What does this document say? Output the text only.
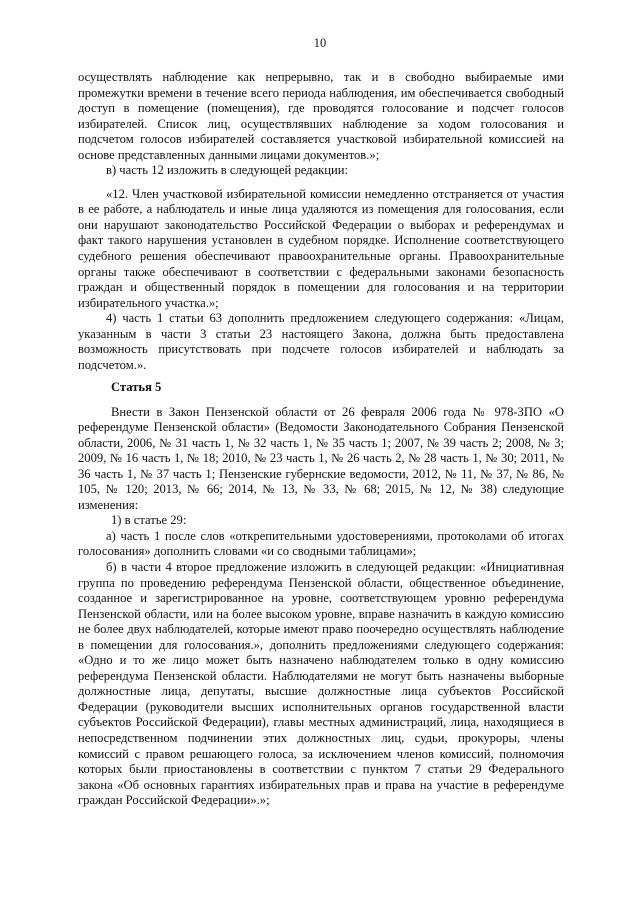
10

осуществлять наблюдение как непрерывно, так и в свободно выбираемые ими промежутки времени в течение всего периода наблюдения, им обеспечивается свободный доступ в помещение (помещения), где проводятся голосование и подсчет голосов избирателей. Список лиц, осуществлявших наблюдение за ходом голосования и подсчетом голосов избирателей составляется участковой избирательной комиссией на основе представленных данными лицами документов.»;

в) часть 12 изложить в следующей редакции:

«12. Член участковой избирательной комиссии немедленно отстраняется от участия в ее работе, а наблюдатель и иные лица удаляются из помещения для голосования, если они нарушают законодательство Российской Федерации о выборах и референдумах и факт такого нарушения установлен в судебном порядке. Исполнение соответствующего судебного решения обеспечивают правоохранительные органы. Правоохранительные органы также обеспечивают в соответствии с федеральными законами безопасность граждан и общественный порядок в помещении для голосования и на территории избирательного участка.»;

4) часть 1 статьи 63 дополнить предложением следующего содержания: «Лицам, указанным в части 3 статьи 23 настоящего Закона, должна быть предоставлена возможность присутствовать при подсчете голосов избирателей и наблюдать за подсчетом.».

Статья 5

Внести в Закон Пензенской области от 26 февраля 2006 года № 978-ЗПО «О референдуме Пензенской области» (Ведомости Законодательного Собрания Пензенской области, 2006, № 31 часть 1, № 32 часть 1, № 35 часть 1; 2007, № 39 часть 2; 2008, № 3; 2009, № 16 часть 1, № 18; 2010, № 23 часть 1, № 26 часть 2, № 28 часть 1, № 30; 2011, № 36 часть 1, № 37 часть 1; Пензенские губернские ведомости, 2012, № 11, № 37, № 86, № 105, № 120; 2013, № 66; 2014, № 13, № 33, № 68; 2015, № 12, № 38) следующие изменения:

1) в статье 29:

а) часть 1 после слов «открепительными удостоверениями, протоколами об итогах голосования» дополнить словами «и со сводными таблицами»;

б) в части 4 второе предложение изложить в следующей редакции: «Инициативная группа по проведению референдума Пензенской области, общественное объединение, созданное и зарегистрированное на уровне, соответствующем уровню референдума Пензенской области, или на более высоком уровне, вправе назначить в каждую комиссию не более двух наблюдателей, которые имеют право поочередно осуществлять наблюдение в помещении для голосования.», дополнить предложениями следующего содержания: «Одно и то же лицо может быть назначено наблюдателем только в одну комиссию референдума Пензенской области. Наблюдателями не могут быть назначены выборные должностные лица, депутаты, высшие должностные лица субъектов Российской Федерации (руководители высших исполнительных органов государственной власти субъектов Российской Федерации), главы местных администраций, лица, находящиеся в непосредственном подчинении этих должностных лиц, судьи, прокуроры, члены комиссий с правом решающего голоса, за исключением членов комиссий, полномочия которых были приостановлены в соответствии с пунктом 7 статьи 29 Федерального закона «Об основных гарантиях избирательных прав и права на участие в референдуме граждан Российской Федерации».»;
